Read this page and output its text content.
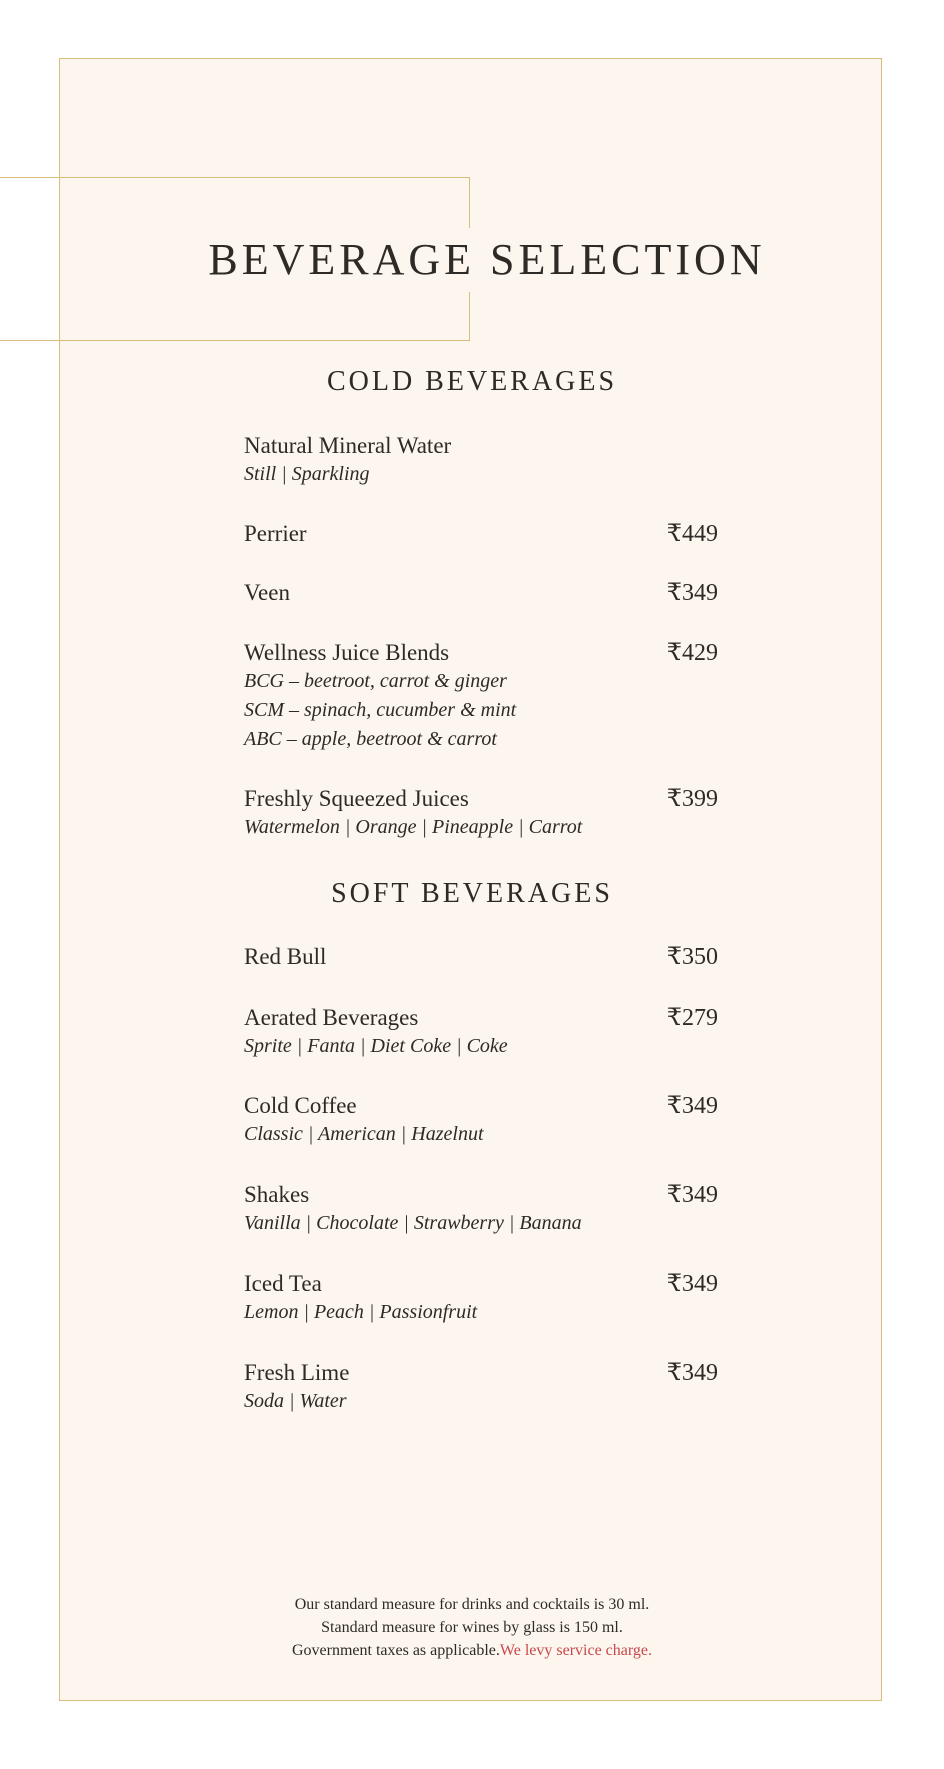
BEVERAGE SELECTION
COLD BEVERAGES
Natural Mineral Water
Still | Sparkling
Perrier	₹449
Veen	₹349
Wellness Juice Blends
BCG – beetroot, carrot & ginger
SCM – spinach, cucumber & mint
ABC – apple, beetroot & carrot
₹429
Freshly Squeezed Juices
Watermelon | Orange | Pineapple | Carrot
₹399
SOFT BEVERAGES
Red Bull	₹350
Aerated Beverages
Sprite | Fanta | Diet Coke | Coke
₹279
Cold Coffee
Classic | American | Hazelnut
₹349
Shakes
Vanilla | Chocolate | Strawberry | Banana
₹349
Iced Tea
Lemon | Peach | Passionfruit
₹349
Fresh Lime
Soda | Water
₹349
Our standard measure for drinks and cocktails is 30 ml.
Standard measure for wines by glass is 150 ml.
Government taxes as applicable.We levy service charge.
